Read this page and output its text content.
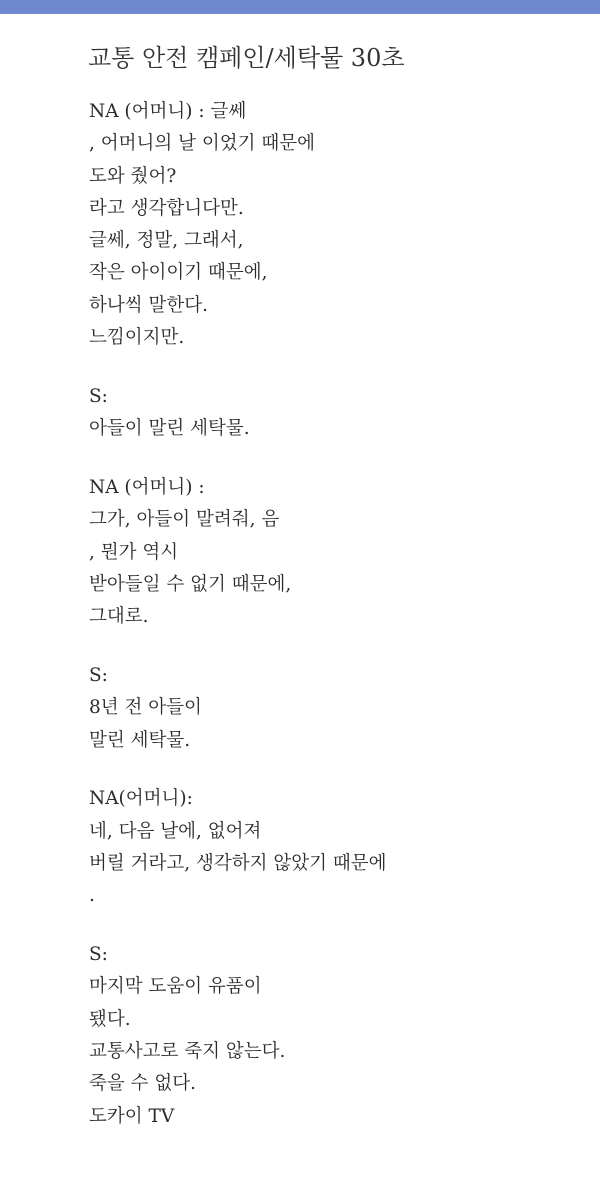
교통 안전 캠페인/세탁물 30초
NA (어머니) : 글쎄
, 어머니의 날 이었기 때문에
도와 줬어?
라고 생각합니다만.
글쎄, 정말, 그래서,
작은 아이이기 때문에,
하나씩 말한다.
느낌이지만.
S:
아들이 말린 세탁물.
NA (어머니) :
그가, 아들이 말려줘, 음
, 뭔가 역시
받아들일 수 없기 때문에,
그대로.
S:
8년 전 아들이
말린 세탁물.
NA(어머니):
네, 다음 날에, 없어져
버릴 거라고, 생각하지 않았기 때문에
.
S:
마지막 도움이 유품이
됐다.
교통사고로 죽지 않는다.
죽을 수 없다.
도카이 TV
